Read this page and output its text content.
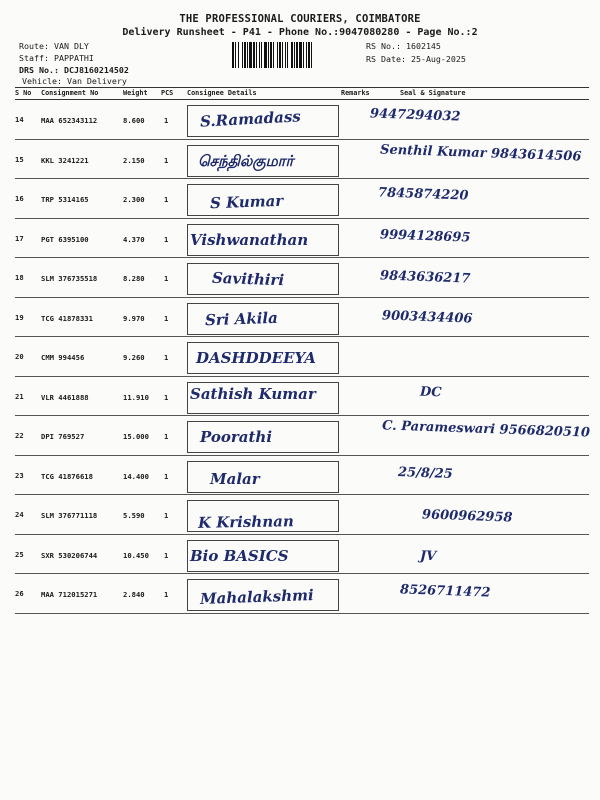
THE PROFESSIONAL COURIERS, COIMBATORE
Delivery Runsheet - P41 - Phone No.:9047080280 - Page No.:2
Route: VAN DLY
Staff: PAPPATHI
DRS No.: DCJ8160214502
Vehicle: Van Delivery
RS No.: 1602145
RS Date: 25-Aug-2025
S No Consignment No	Weight PCS Consignee Details	Remarks	Seal & Signature
14 MAA 652343112	8.600	1 S.Ramadass	9447294032
15 KKL 3241221	2.150	1 செந்தில்குமார்	Senthil Kumar 9843614506
16 TRP 5314165	2.300	1	S Kumar	7845874220
17 PGT 6395100	4.370	1 Vishwanathan	9994128695
18 SLM 376735518	8.280	1	Savithiri	9843636217
19 TCG 41878331	9.970	1 Sri Akila	9003434406
20 CMM 994456	9.260	1 DASHDDEEYA
21 VLR 4461888	11.910 1 Sathish Kumar	DC
22 DPI 769527	15.000 1 Poorathi	C. Parameswari 9566820510
23 TCG 41876618	14.400 1	Malar	25/8/25
24 SLM 376771118	5.590	1 K Krishnan	9600962958
25 SXR 530206744	10.450 1 Bio BASICS	JV
26 MAA 712015271	2.840	1 Mahalakshmi	8526711472
